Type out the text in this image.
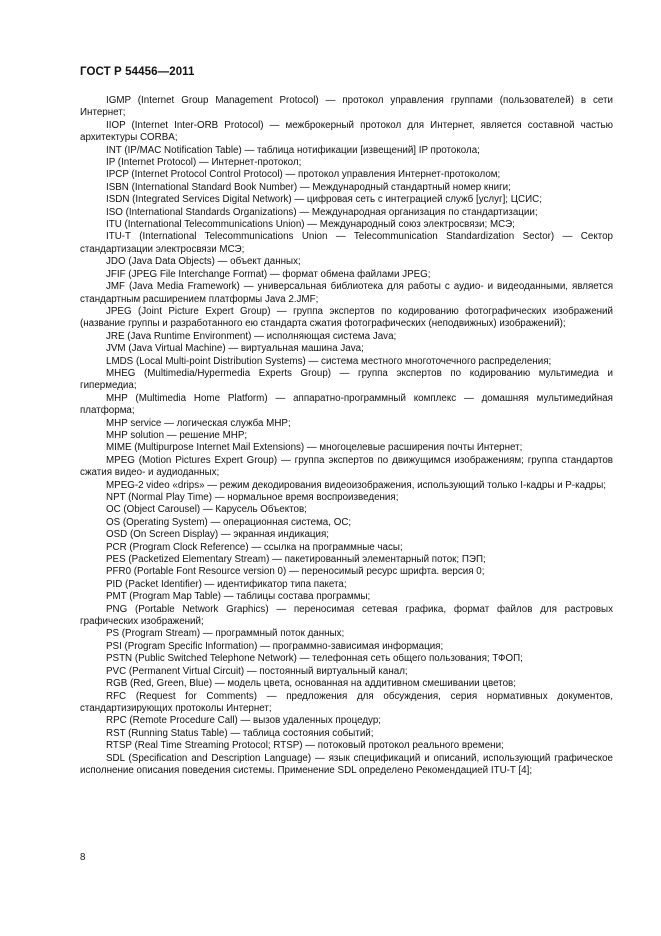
ГОСТ Р 54456—2011

IGMP (Internet Group Management Protocol) — протокол управления группами (пользователей) в сети Интернет;

IIOP (Internet Inter-ORB Protocol) — межброкерный протокол для Интернет, является составной частью архитектуры CORBA;

INT (IP/MAC Notification Table) — таблица нотификации [извещений] IP протокола;

IP (Internet Protocol) — Интернет-протокол;

IPCP (Internet Protocol Control Protocol) — протокол управления Интернет-протоколом;

ISBN (International Standard Book Number) — Международный стандартный номер книги;

ISDN (Integrated Services Digital Network) — цифровая сеть с интеграцией служб [услуг]; ЦСИС;

ISO (International Standards Organizations) — Международная организация по стандартизации;

ITU (International Telecommunications Union) — Международный союз электросвязи; МСЭ;

ITU-T (International Telecommunications Union — Telecommunication Standardization Sector) — Сектор стандартизации электросвязи МСЭ;

JDO (Java Data Objects) — объект данных;

JFIF (JPEG File Interchange Format) — формат обмена файлами JPEG;

JMF (Java Media Framework) — универсальная библиотека для работы с аудио- и видеоданными, является стандартным расширением платформы Java 2.JMF;

JPEG (Joint Picture Expert Group) — группа экспертов по кодированию фотографических изображений (название группы и разработанного ею стандарта сжатия фотографических (неподвижных) изображений);

JRE (Java Runtime Environment) — исполняющая система Java;

JVM (Java Virtual Machine) — виртуальная машина Java;

LMDS (Local Multi-point Distribution Systems) — система местного многоточечного распределения;

MHEG (Multimedia/Hypermedia Experts Group) — группа экспертов по кодированию мультимедиа и гипермедиа;

MHP (Multimedia Home Platform) — аппаратно-программный комплекс — домашняя мультимедийная платформа;

MHP service — логическая служба MHP;

MHP solution — решение MHP;

MIME (Multipurpose Internet Mail Extensions) — многоцелевые расширения почты Интернет;

MPEG (Motion Pictures Expert Group) — группа экспертов по движущимся изображениям; группа стандартов сжатия видео- и аудиоданных;

MPEG-2 video «drips» — режим декодирования видеоизображения, использующий только I-кадры и P-кадры;

NPT (Normal Play Time) — нормальное время воспроизведения;

OC (Object Carousel) — Карусель Объектов;

OS (Operating System) — операционная система, ОС;

OSD (On Screen Display) — экранная индикация;

PCR (Program Clock Reference) — ссылка на программные часы;

PES (Packetized Elementary Stream) — пакетированный элементарный поток; ПЭП;

PFR0 (Portable Font Resource version 0) — переносимый ресурс шрифта. версия 0;

PID (Packet Identifier) — идентификатор типа пакета;

PMT (Program Map Table) — таблицы состава программы;

PNG (Portable Network Graphics) — переносимая сетевая графика, формат файлов для растровых графических изображений;

PS (Program Stream) — программный поток данных;

PSI (Program Specific Information) — программно-зависимая информация;

PSTN (Public Switched Telephone Network) — телефонная сеть общего пользования; ТФОП;

PVC (Permanent Virtual Circuit) — постоянный виртуальный канал;

RGB (Red, Green, Blue) — модель цвета, основанная на аддитивном смешивании цветов;

RFC (Request for Comments) — предложения для обсуждения, серия нормативных документов, стандартизирующих протоколы Интернет;

RPC (Remote Procedure Call) — вызов удаленных процедур;

RST (Running Status Table) — таблица состояния событий;

RTSP (Real Time Streaming Protocol; RTSP) — потоковый протокол реального времени;

SDL (Specification and Description Language) — язык спецификаций и описаний, использующий графическое исполнение описания поведения системы. Применение SDL определено Рекомендацией ITU-T [4];

8
